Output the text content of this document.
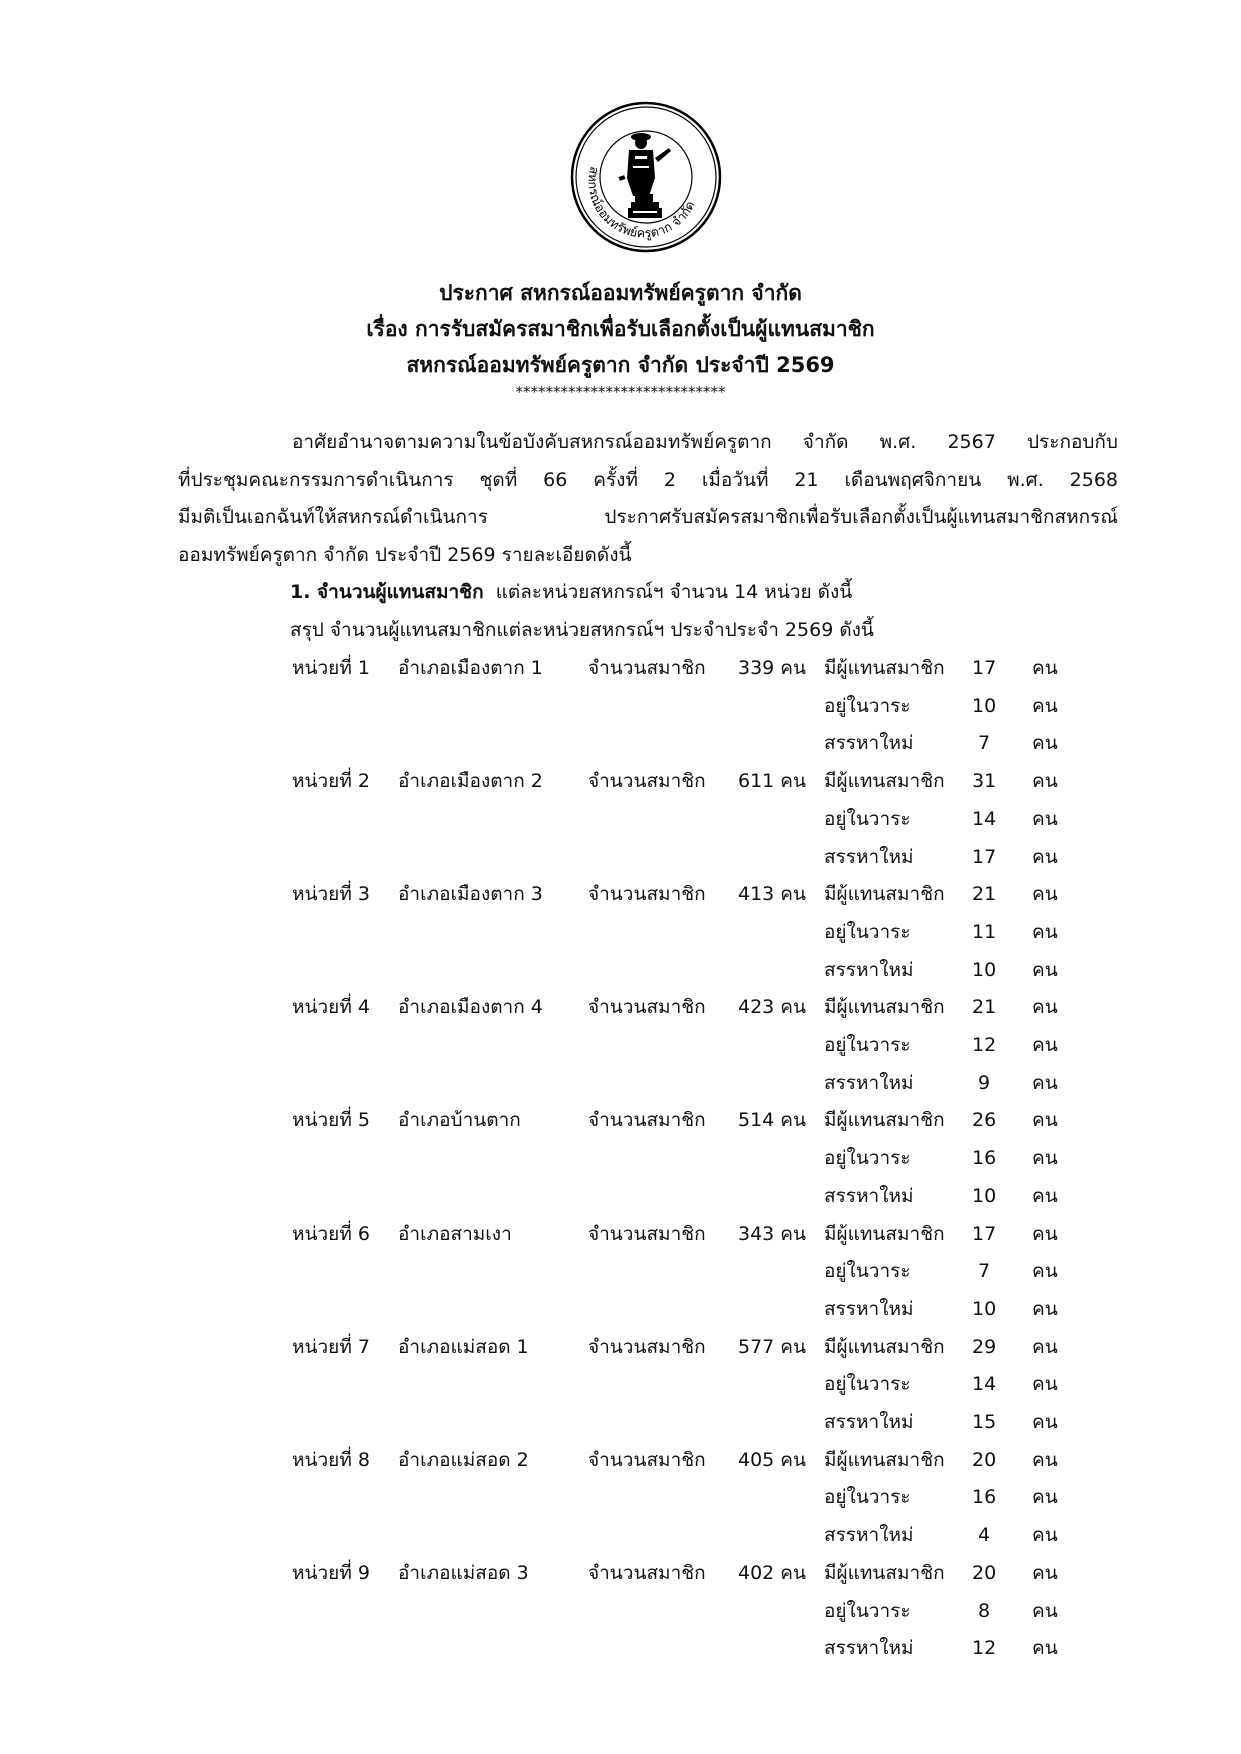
สหกรณ์ออมทรัพย์ครูตาก จำกัด
ประกาศ สหกรณ์ออมทรัพย์ครูตาก จำกัด
เรื่อง การรับสมัครสมาชิกเพื่อรับเลือกตั้งเป็นผู้แทนสมาชิก
สหกรณ์ออมทรัพย์ครูตาก จำกัด ประจำปี 2569
****************************
อาศัยอำนาจตามความในข้อบังคับสหกรณ์ออมทรัพย์ครูตาก จำกัด พ.ศ. 2567 ประกอบกับ
ที่ประชุมคณะกรรมการดำเนินการ ชุดที่ 66 ครั้งที่ 2 เมื่อวันที่ 21 เดือนพฤศจิกายน พ.ศ. 2568
มีมติเป็นเอกฉันท์ให้สหกรณ์ดำเนินการ ประกาศรับสมัครสมาชิกเพื่อรับเลือกตั้งเป็นผู้แทนสมาชิกสหกรณ์
ออมทรัพย์ครูตาก จำกัด ประจำปี 2569 รายละเอียดดังนี้
1. จำนวนผู้แทนสมาชิก แต่ละหน่วยสหกรณ์ฯ จำนวน 14 หน่วย ดังนี้
สรุป จำนวนผู้แทนสมาชิกแต่ละหน่วยสหกรณ์ฯ ประจำประจำ 2569 ดังนี้
หน่วยที่ 1 อำเภอเมืองตาก 1 จำนวนสมาชิก 339 คน มีผู้แทนสมาชิก 17 คน
อยู่ในวาระ	10 คน
สรรหาใหม่	7	คน
หน่วยที่ 2 อำเภอเมืองตาก 2 จำนวนสมาชิก 611 คน มีผู้แทนสมาชิก 31 คน
อยู่ในวาระ	14 คน
สรรหาใหม่	17 คน
หน่วยที่ 3 อำเภอเมืองตาก 3 จำนวนสมาชิก 413 คน มีผู้แทนสมาชิก 21 คน
อยู่ในวาระ	11 คน
สรรหาใหม่	10 คน
หน่วยที่ 4 อำเภอเมืองตาก 4 จำนวนสมาชิก 423 คน มีผู้แทนสมาชิก 21 คน
อยู่ในวาระ	12 คน
สรรหาใหม่	9	คน
หน่วยที่ 5 อำเภอบ้านตาก	จำนวนสมาชิก 514 คน มีผู้แทนสมาชิก 26 คน
อยู่ในวาระ	16 คน
สรรหาใหม่	10 คน
หน่วยที่ 6 อำเภอสามเงา	จำนวนสมาชิก 343 คน มีผู้แทนสมาชิก 17 คน
อยู่ในวาระ	7	คน
สรรหาใหม่	10 คน
หน่วยที่ 7 อำเภอแม่สอด 1	จำนวนสมาชิก 577 คน มีผู้แทนสมาชิก 29 คน
อยู่ในวาระ	14 คน
สรรหาใหม่	15 คน
หน่วยที่ 8 อำเภอแม่สอด 2	จำนวนสมาชิก 405 คน มีผู้แทนสมาชิก 20 คน
อยู่ในวาระ	16 คน
สรรหาใหม่	4	คน
หน่วยที่ 9 อำเภอแม่สอด 3	จำนวนสมาชิก 402 คน มีผู้แทนสมาชิก 20 คน
อยู่ในวาระ	8	คน
สรรหาใหม่	12 คน
